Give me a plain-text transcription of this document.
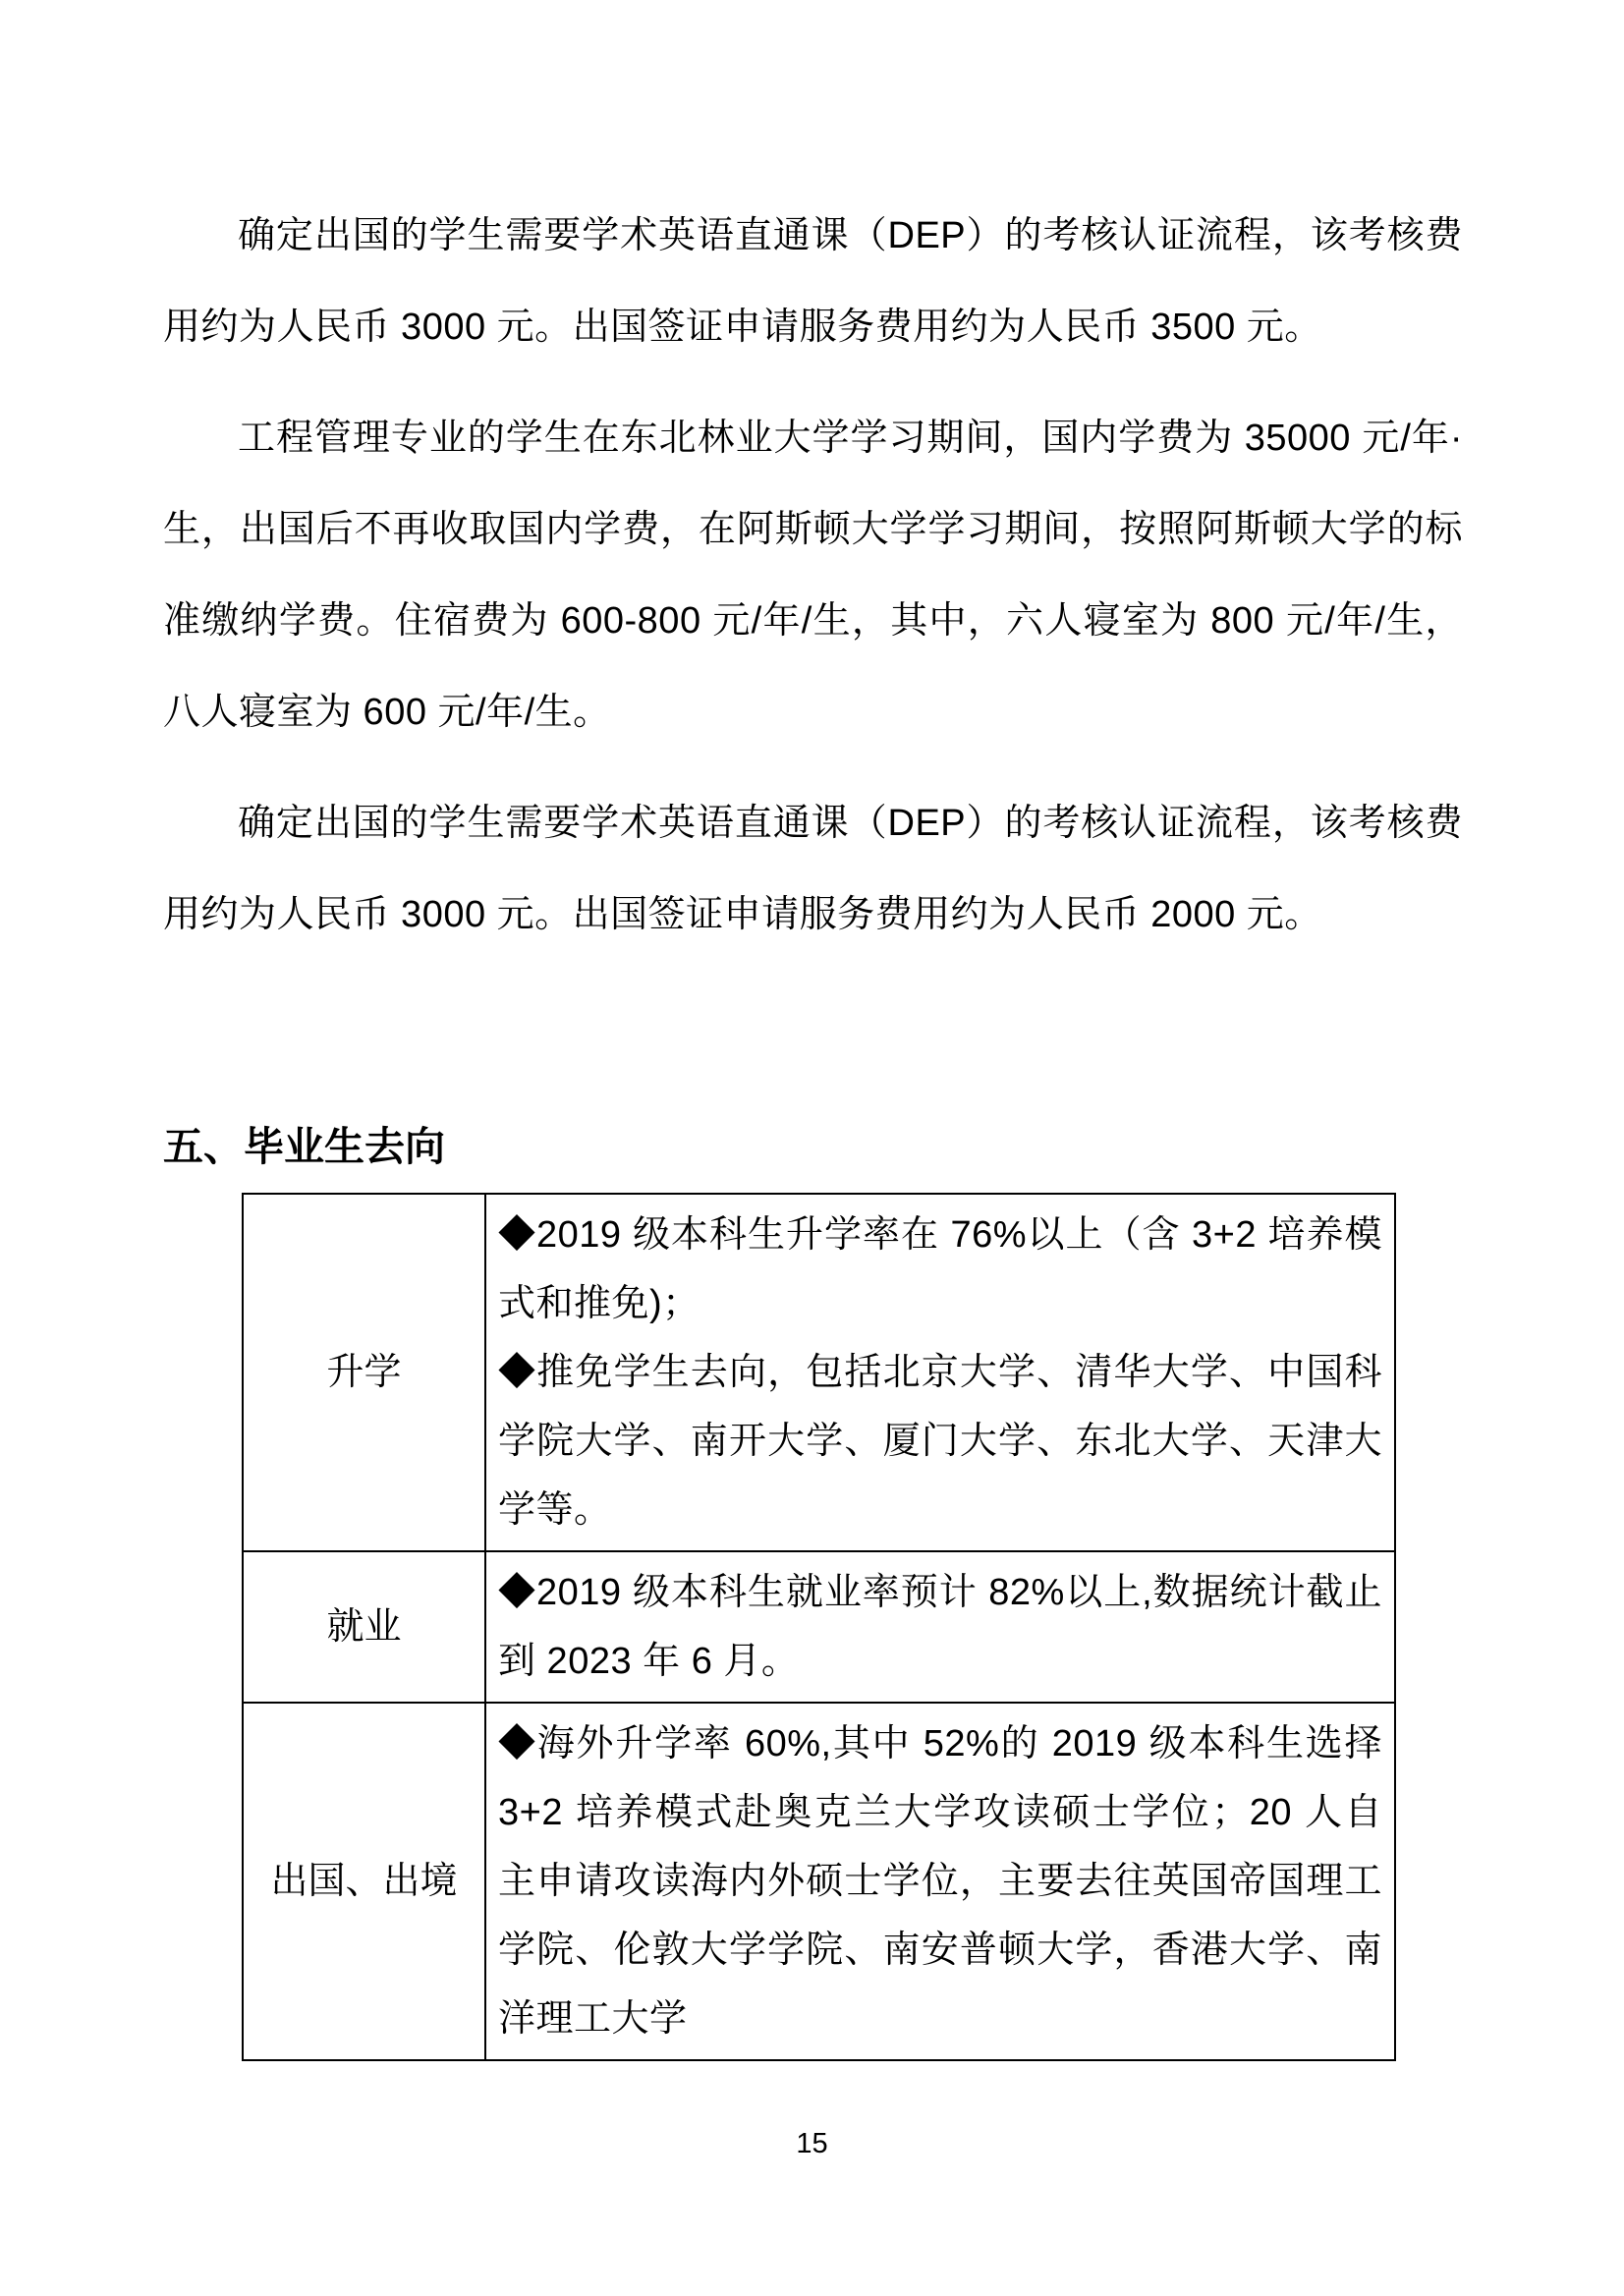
确定出国的学生需要学术英语直通课（DEP）的考核认证流程，该考核费用约为人民币 3000 元。出国签证申请服务费用约为人民币 3500 元。

工程管理专业的学生在东北林业大学学习期间，国内学费为 35000 元/年·生，出国后不再收取国内学费，在阿斯顿大学学习期间，按照阿斯顿大学的标准缴纳学费。住宿费为 600-800 元/年/生，其中，六人寝室为 800 元/年/生，八人寝室为 600 元/年/生。

确定出国的学生需要学术英语直通课（DEP）的考核认证流程，该考核费用约为人民币 3000 元。出国签证申请服务费用约为人民币 2000 元。

五、毕业生去向
升学	◆2019 级本科生升学率在 76%以上（含 3+2 培养模式和推免)；
◆推免学生去向，包括北京大学、清华大学、中国科学院大学、南开大学、厦门大学、东北大学、天津大学等。

就业	◆2019 级本科生就业率预计 82%以上,数据统计截止到 2023 年 6 月。

出国、出境	◆海外升学率 60%,其中 52%的 2019 级本科生选择 3+2 培养模式赴奥克兰大学攻读硕士学位；20 人自主申请攻读海内外硕士学位，主要去往英国帝国理工学院、伦敦大学学院、南安普顿大学，香港大学、南洋理工大学
15
